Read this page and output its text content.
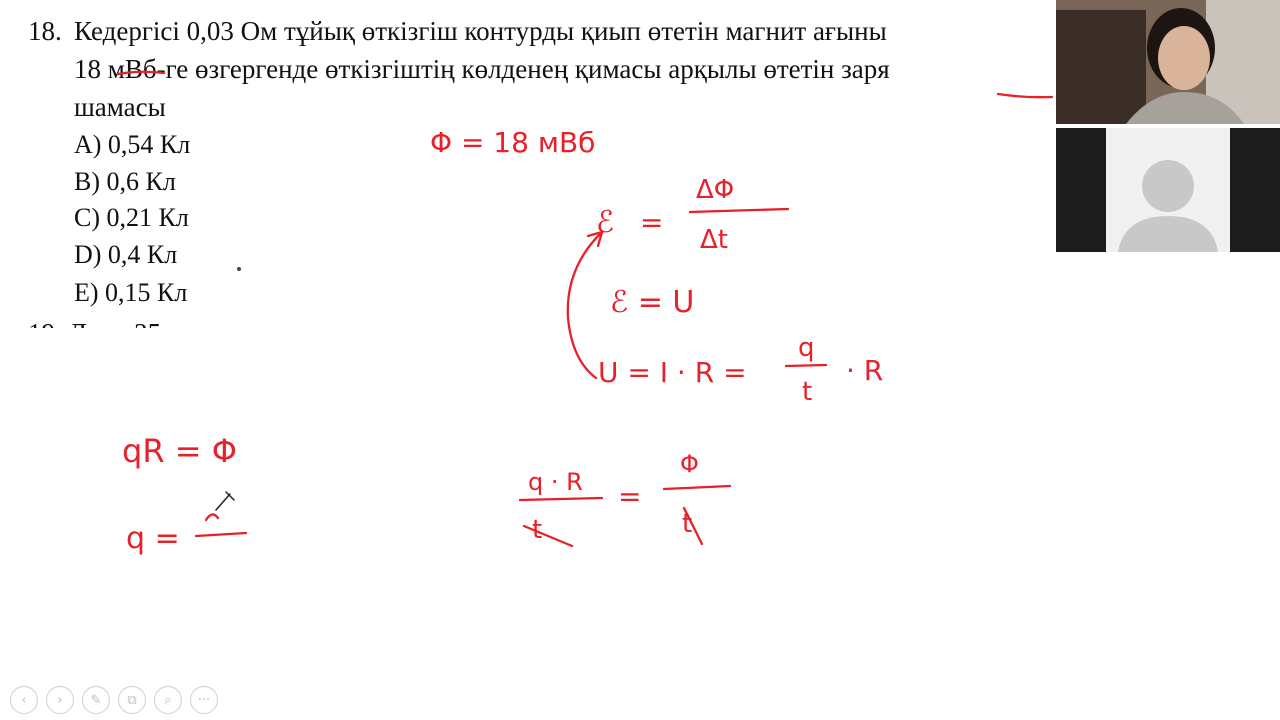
18. Кедергісі 0,03 Ом тұйық өткізгіш контурды қиып өтетін магнит ағыны
18 мВб-ге өзгергенде өткізгіштің көлденең қимасы арқылы өтетін заря
шамасы
A) 0,54 Кл
B) 0,6 Кл
C) 0,21 Кл
D) 0,4 Кл
E) 0,15 Кл
Φ = 18 мВб
ℰ =
ΔΦ
Δt
ℰ = U
U = I · R =
q
t
· R
qR = Φ
q =
q · R
t
=
Φ
t
‹	›	✎	⧉	⌕	···
